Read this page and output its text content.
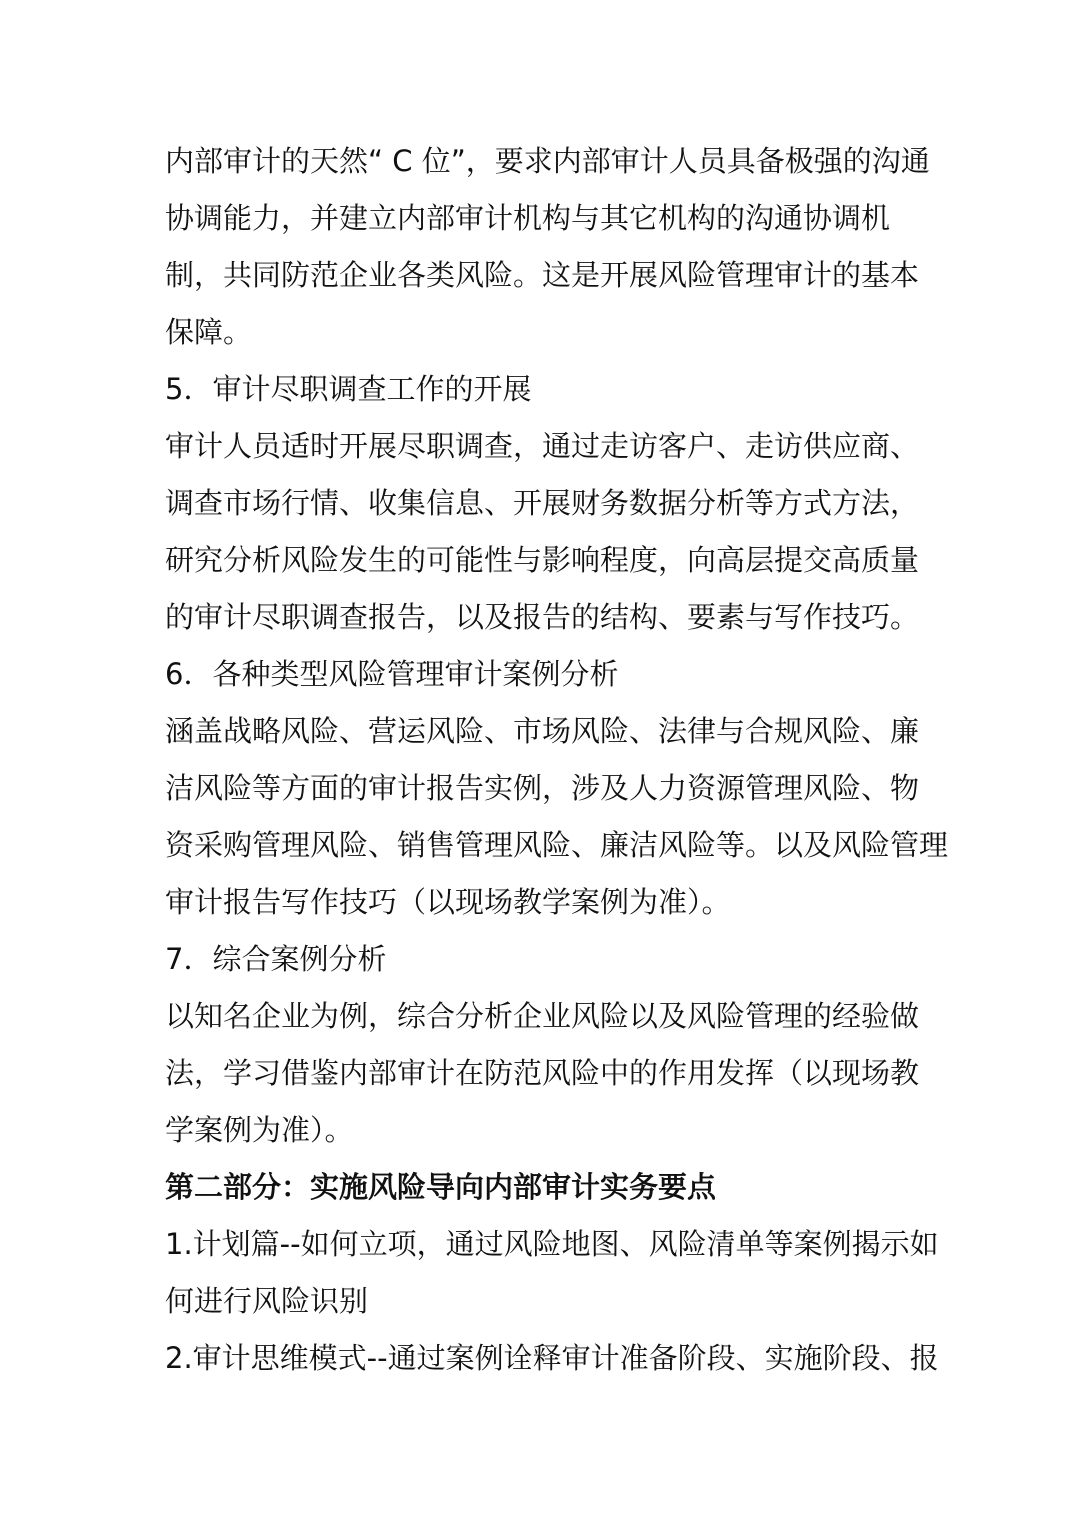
内部审计的天然“ C 位”，要求内部审计人员具备极强的沟通
协调能力，并建立内部审计机构与其它机构的沟通协调机
制，共同防范企业各类风险。这是开展风险管理审计的基本
保障。
5．审计尽职调查工作的开展
审计人员适时开展尽职调查，通过走访客户、走访供应商、
调查市场行情、收集信息、开展财务数据分析等方式方法，
研究分析风险发生的可能性与影响程度，向高层提交高质量
的审计尽职调查报告，以及报告的结构、要素与写作技巧。
6．各种类型风险管理审计案例分析
涵盖战略风险、营运风险、市场风险、法律与合规风险、廉
洁风险等方面的审计报告实例，涉及人力资源管理风险、物
资采购管理风险、销售管理风险、廉洁风险等。以及风险管理
审计报告写作技巧（以现场教学案例为准）。
7．综合案例分析
以知名企业为例，综合分析企业风险以及风险管理的经验做
法，学习借鉴内部审计在防范风险中的作用发挥（以现场教
学案例为准）。
第二部分：实施风险导向内部审计实务要点
1.计划篇--如何立项，通过风险地图、风险清单等案例揭示如
何进行风险识别
2.审计思维模式--通过案例诠释审计准备阶段、实施阶段、报
